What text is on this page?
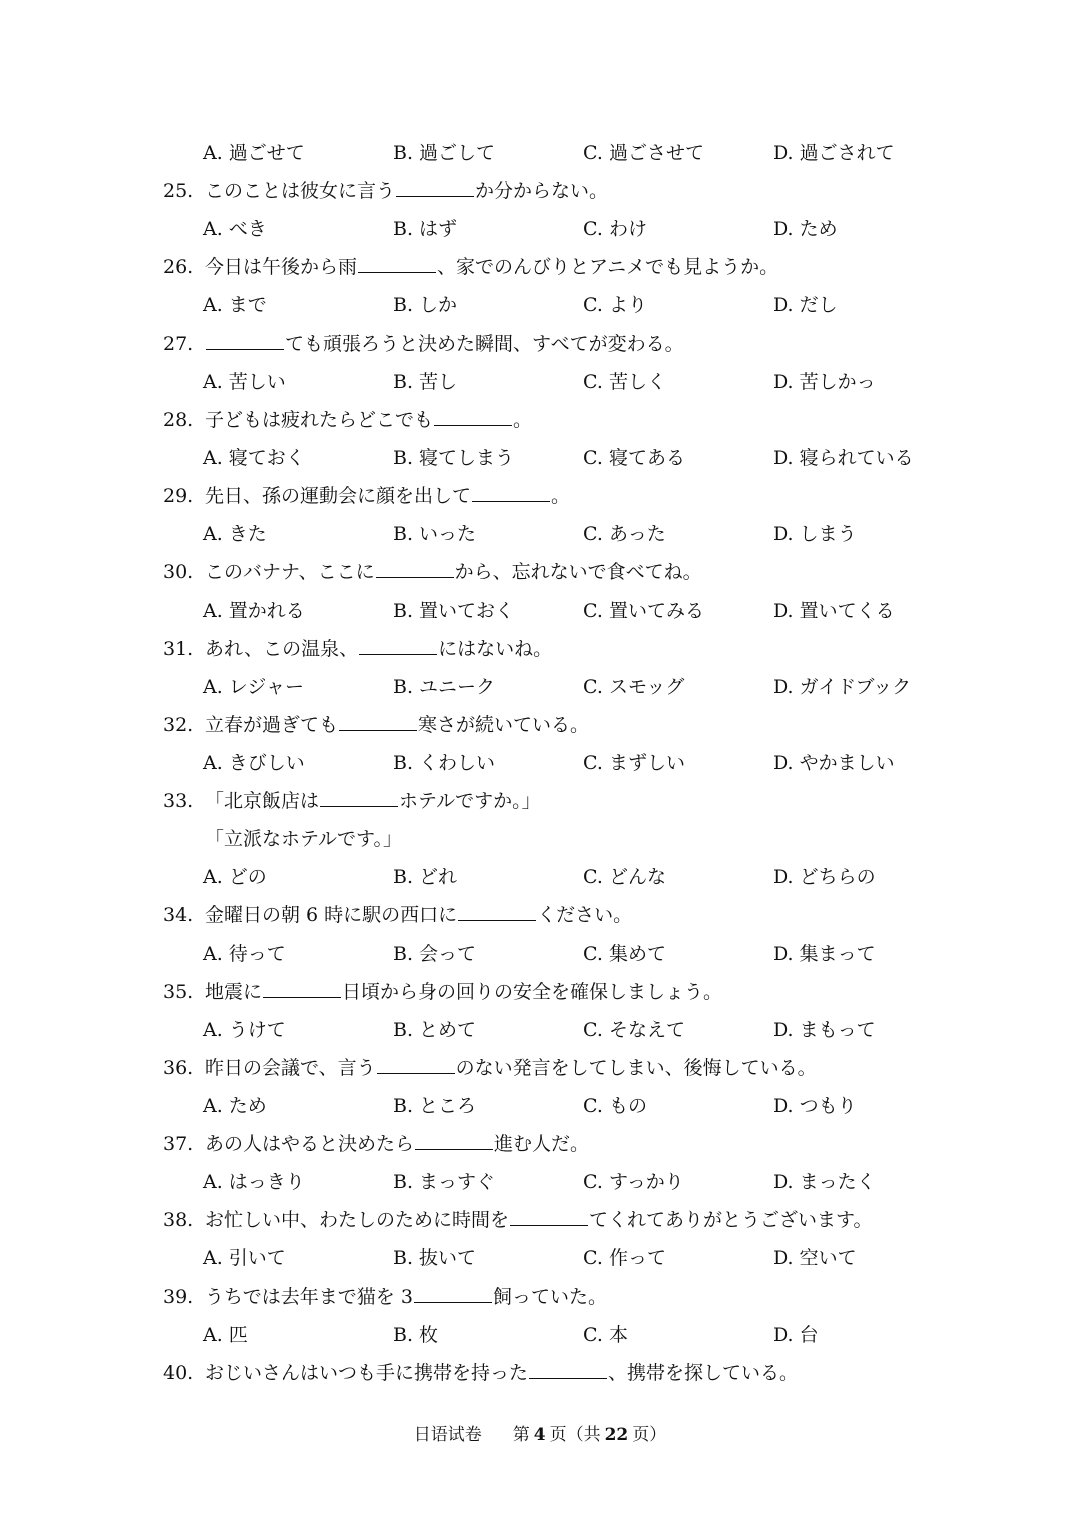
A. 過ごせて	B. 過ごして	C. 過ごさせて	D. 過ごされて
25. このことは彼女に言う	か分からない。
A. べき	B. はず	C. わけ	D. ため
26. 今日は午後から雨	、家でのんびりとアニメでも見ようか。
A. まで	B. しか	C. より	D. だし
27.	ても頑張ろうと決めた瞬間、すべてが変わる。
A. 苦しい	B. 苦し	C. 苦しく	D. 苦しかっ
28. 子どもは疲れたらどこでも	。
A. 寝ておく	B. 寝てしまう	C. 寝てある	D. 寝られている
29. 先日、孫の運動会に顔を出して	。
A. きた	B. いった	C. あった	D. しまう
30. このバナナ、ここに	から、忘れないで食べてね。
A. 置かれる	B. 置いておく	C. 置いてみる	D. 置いてくる
31. あれ、この温泉、	にはないね。
A. レジャー	B. ユニーク	C. スモッグ	D. ガイドブック
32. 立春が過ぎても	寒さが続いている。
A. きびしい	B. くわしい	C. まずしい	D. やかましい
33. 「北京飯店は	ホテルですか。」
「立派なホテルです。」
A. どの	B. どれ	C. どんな	D. どちらの
34. 金曜日の朝 6 時に駅の西口に	ください。
A. 待って	B. 会って	C. 集めて	D. 集まって
35. 地震に	日頃から身の回りの安全を確保しましょう。
A. うけて	B. とめて	C. そなえて	D. まもって
36. 昨日の会議で、言う	のない発言をしてしまい、後悔している。
A. ため	B. ところ	C. もの	D. つもり
37. あの人はやると決めたら	進む人だ。
A. はっきり	B. まっすぐ	C. すっかり	D. まったく
38. お忙しい中、わたしのために時間を	てくれてありがとうございます。
A. 引いて	B. 抜いて	C. 作って	D. 空いて
39. うちでは去年まで猫を 3	飼っていた。
A. 匹	B. 枚	C. 本	D. 台
40. おじいさんはいつも手に携帯を持った	、携帯を探している。
日语试卷 第 4 页（共 22 页）
